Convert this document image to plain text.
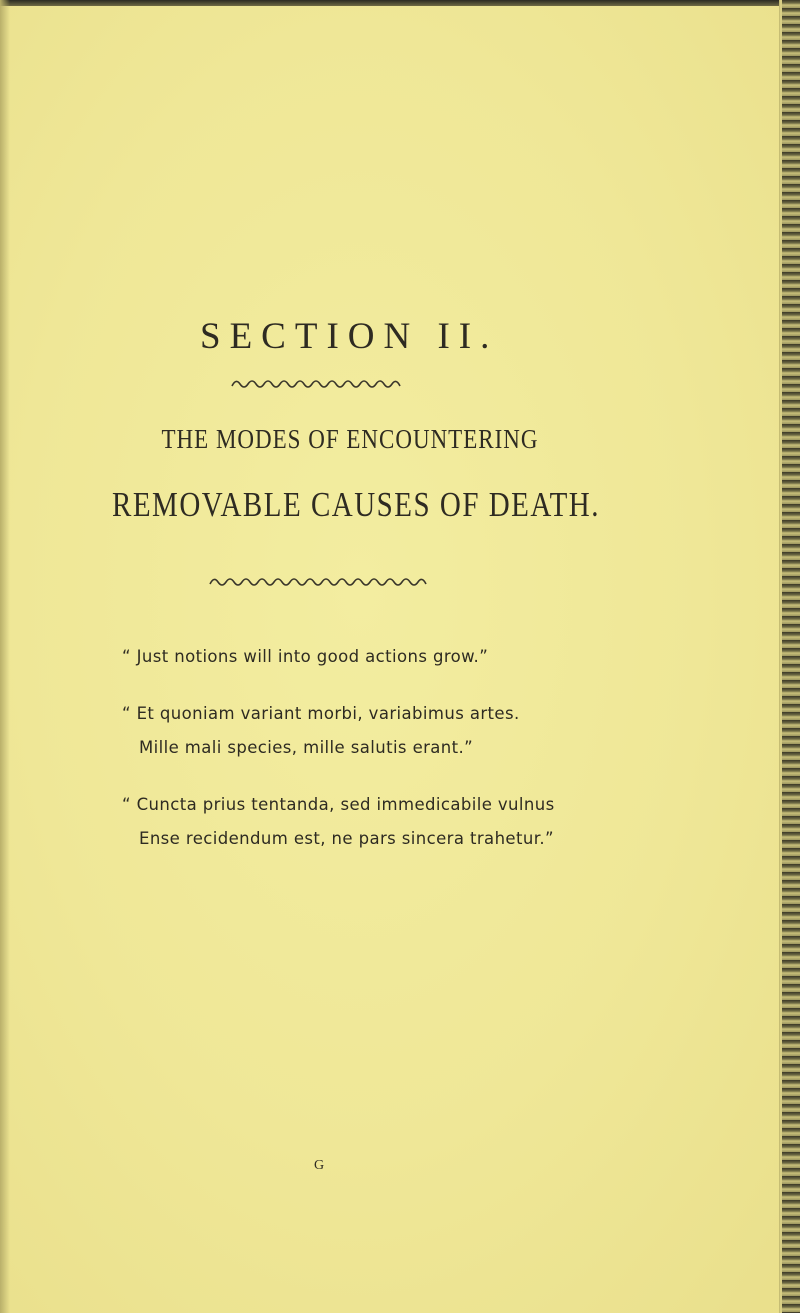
SECTION II.
THE MODES OF ENCOUNTERING
REMOVABLE CAUSES OF DEATH.
“ Just notions will into good actions grow.”
“ Et quoniam variant morbi, variabimus artes.
Mille mali species, mille salutis erant.”
“ Cuncta prius tentanda, sed immedicabile vulnus
Ense recidendum est, ne pars sincera trahetur.”
G
